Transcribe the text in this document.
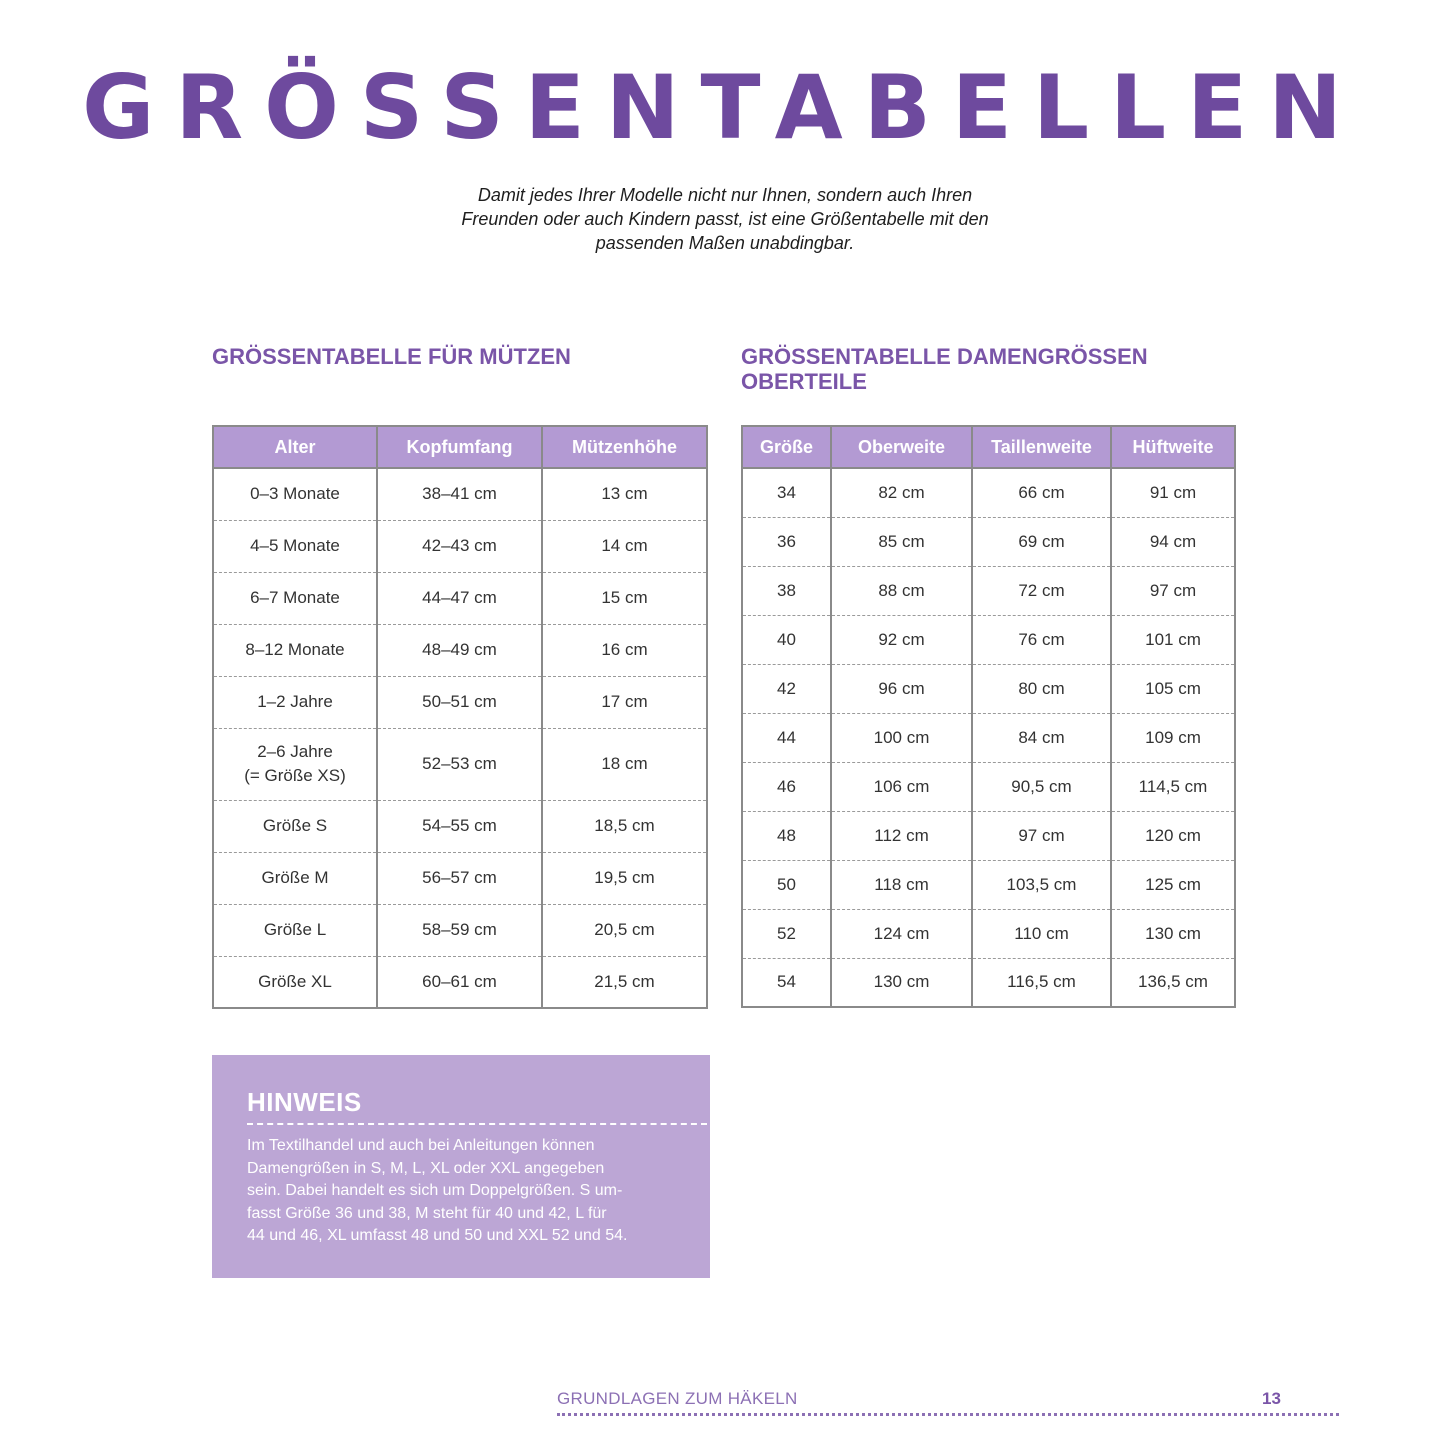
GRÖSSENTABELLEN
Damit jedes Ihrer Modelle nicht nur Ihnen, sondern auch Ihren
Freunden oder auch Kindern passt, ist eine Größentabelle mit den
passenden Maßen unabdingbar.
GRÖSSENTABELLE FÜR MÜTZEN	GRÖSSENTABELLE DAMENGRÖSSEN
OBERTEILE
Alter	Kopfumfang	Mützenhöhe

0–3 Monate	38–41 cm	13 cm

4–5 Monate	42–43 cm	14 cm

6–7 Monate	44–47 cm	15 cm

8–12 Monate	48–49 cm	16 cm

1–2 Jahre	50–51 cm	17 cm

2–6 Jahre
(= Größe XS)	52–53 cm	18 cm

Größe S	54–55 cm	18,5 cm

Größe M	56–57 cm	19,5 cm

Größe L	58–59 cm	20,5 cm

Größe XL	60–61 cm	21,5 cm
Größe	Oberweite	Taillenweite	Hüftweite

34	82 cm	66 cm	91 cm

36	85 cm	69 cm	94 cm

38	88 cm	72 cm	97 cm

40	92 cm	76 cm	101 cm

42	96 cm	80 cm	105 cm

44	100 cm	84 cm	109 cm

46	106 cm	90,5 cm	114,5 cm

48	112 cm	97 cm	120 cm

50	118 cm	103,5 cm	125 cm

52	124 cm	110 cm	130 cm

54	130 cm	116,5 cm	136,5 cm
HINWEIS
Im Textilhandel und auch bei Anleitungen können
Damengrößen in S, M, L, XL oder XXL angegeben
sein. Dabei handelt es sich um Doppelgrößen. S um-
fasst Größe 36 und 38, M steht für 40 und 42, L für
44 und 46, XL umfasst 48 und 50 und XXL 52 und 54.
GRUNDLAGEN ZUM HÄKELN	13
